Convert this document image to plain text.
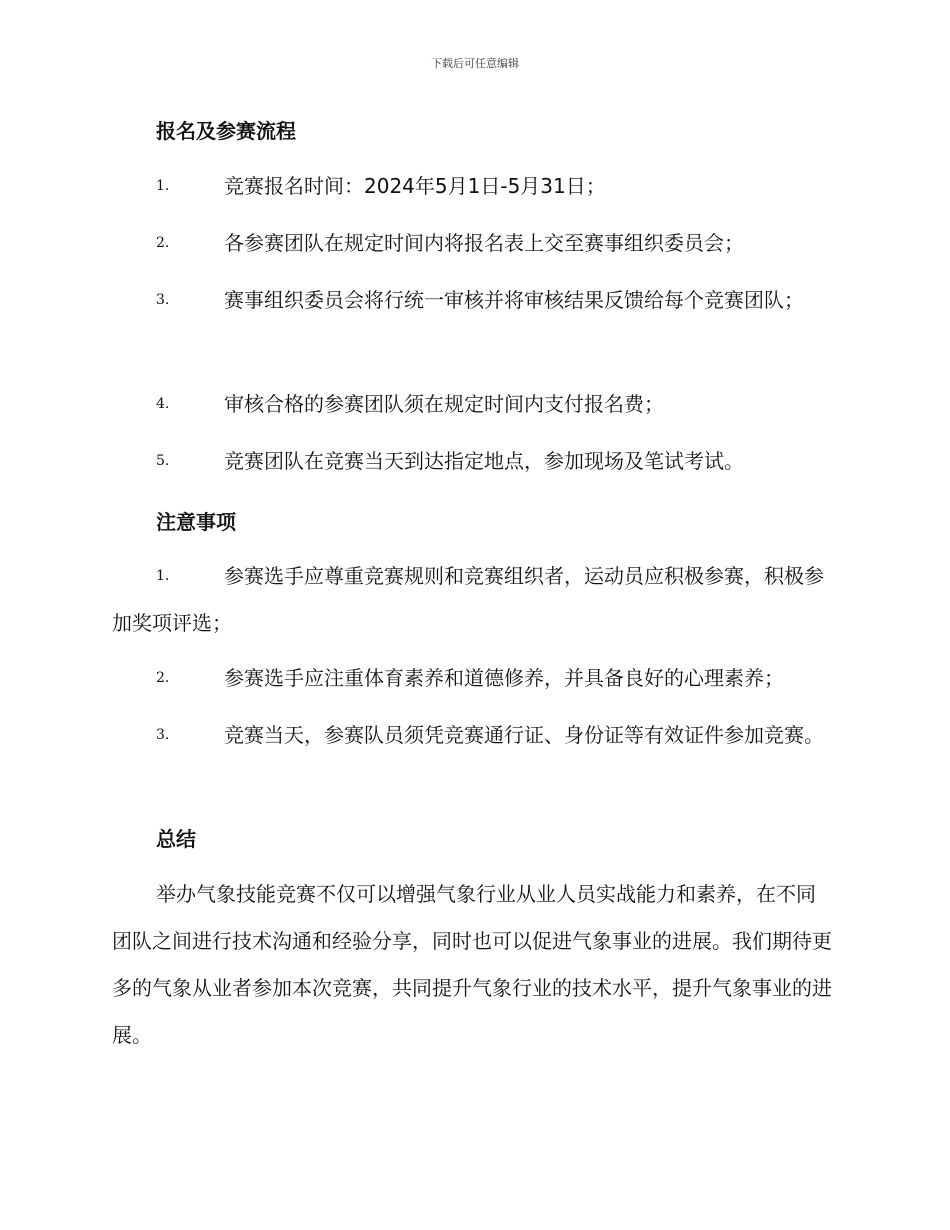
下载后可任意编辑
报名及参赛流程
1.	竞赛报名时间：2024年5月1日-5月31日；
2.	各参赛团队在规定时间内将报名表上交至赛事组织委员会；
3.	赛事组织委员会将行统一审核并将审核结果反馈给每个竞赛团队；
4.	审核合格的参赛团队须在规定时间内支付报名费；
5.	竞赛团队在竞赛当天到达指定地点，参加现场及笔试考试。
注意事项
1.	参赛选手应尊重竞赛规则和竞赛组织者，运动员应积极参赛，积极参加奖项评选；
2.	参赛选手应注重体育素养和道德修养，并具备良好的心理素养；
3.	竞赛当天，参赛队员须凭竞赛通行证、身份证等有效证件参加竞赛。
总结
举办气象技能竞赛不仅可以增强气象行业从业人员实战能力和素养，在不同团队之间进行技术沟通和经验分享，同时也可以促进气象事业的进展。我们期待更多的气象从业者参加本次竞赛，共同提升气象行业的技术水平，提升气象事业的进展。
